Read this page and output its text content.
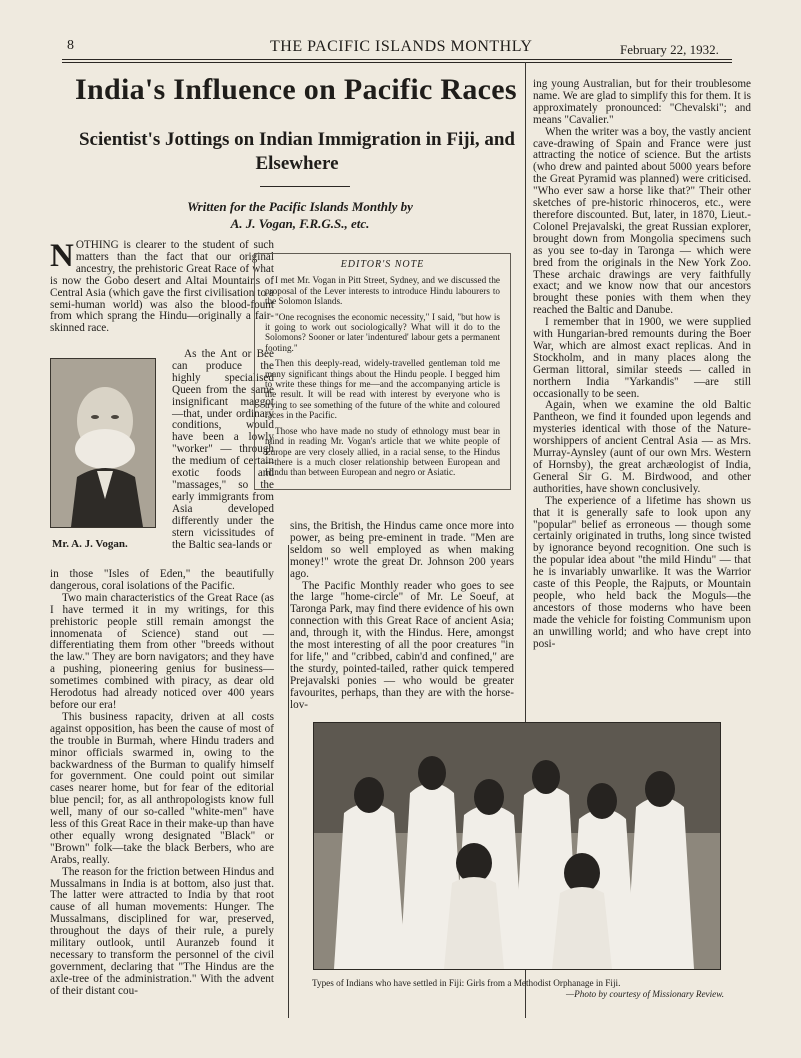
8	THE PACIFIC ISLANDS MONTHLY	February 22, 1932.
India's Influence on Pacific Races
Scientist's Jottings on Indian Immigration in Fiji, and Elsewhere
Written for the Pacific Islands Monthly by
A. J. Vogan, F.R.G.S., etc.

NOTHING is clearer to the student of such matters than the fact that our original ancestry, the prehistoric Great Race of what is now the Gobo desert and Altai Mountains of Central Asia (which gave the first civilisation to a semi-human world) was also the blood-fount from which sprang the Hindu—originally a fair-skinned race.

As the Ant or Bee can produce the highly specialised Queen from the same insignificant maggot—that, under ordinary conditions, would have been a lowly "worker" — through the medium of certain exotic foods and "massages," so the early immigrants from Asia developed differently under the stern vicissitudes of the Baltic sea-lands or

Mr. A. J. Vogan.

in those "Isles of Eden," the beautifully dangerous, coral isolations of the Pacific.

Two main characteristics of the Great Race (as I have termed it in my writings, for this prehistoric people still remain amongst the innomenata of Science) stand out — differentiating them from other "breeds without the law." They are born navigators; and they have a pushing, pioneering genius for business—sometimes combined with piracy, as dear old Herodotus had already noticed over 400 years before our era!

This business rapacity, driven at all costs against opposition, has been the cause of most of the trouble in Burmah, where Hindu traders and minor officials swarmed in, owing to the backwardness of the Burman to qualify himself for government. One could point out similar cases nearer home, but for fear of the editorial blue pencil; for, as all anthropologists know full well, many of our so-called "white-men" have less of this Great Race in their make-up than have other equally wrong designated "Black" or "Brown" folk—take the black Berbers, who are Arabs, really.

The reason for the friction between Hindus and Mussalmans in India is at bottom, also just that. The latter were attracted to India by that root cause of all human movements: Hunger. The Mussalmans, disciplined for war, preserved, throughout the days of their rule, a purely military outlook, until Auranzeb found it necessary to transform the personnel of the civil government, declaring that "The Hindus are the axle-tree of the administration." With the advent of their distant cou-

EDITOR'S NOTE

I met Mr. Vogan in Pitt Street, Sydney, and we discussed the proposal of the Lever interests to introduce Hindu labourers to the Solomon Islands.

"One recognises the economic necessity," I said, "but how is it going to work out sociologically? What will it do to the Solomons? Sooner or later 'indentured' labour gets a permanent footing."

Then this deeply-read, widely-travelled gentleman told me many significant things about the Hindu people. I begged him to write these things for me—and the accompanying article is the result. It will be read with interest by everyone who is trying to see something of the future of the white and coloured races in the Pacific.

Those who have made no study of ethnology must bear in mind in reading Mr. Vogan's article that we white people of Europe are very closely allied, in a racial sense, to the Hindus—there is a much closer relationship between European and Hindu than between European and negro or Asiatic.

sins, the British, the Hindus came once more into power, as being pre-eminent in trade. "Men are seldom so well employed as when making money!" wrote the great Dr. Johnson 200 years ago.

The Pacific Monthly reader who goes to see the large "home-circle" of Mr. Le Soeuf, at Taronga Park, may find there evidence of his own connection with this Great Race of ancient Asia; and, through it, with the Hindus. Here, amongst the most interesting of all the poor creatures "in for life," and "cribbed, cabin'd and confined," are the sturdy, pointed-tailed, rather quick tempered Prejavalski ponies — who would be greater favourites, perhaps, than they are with the horse-lov-

ing young Australian, but for their troublesome name. We are glad to simplify this for them. It is approximately pronounced: "Chevalski"; and means "Cavalier."

When the writer was a boy, the vastly ancient cave-drawing of Spain and France were just attracting the notice of science. But the artists (who drew and painted about 5000 years before the Great Pyramid was planned) were criticised. "Who ever saw a horse like that?" Their other sketches of pre-historic rhinoceros, etc., were therefore discounted. But, later, in 1870, Lieut.-Colonel Prejavalski, the great Russian explorer, brought down from Mongolia specimens such as you see to-day in Taronga — which were bred from the originals in the New York Zoo. These archaic drawings are very faithfully exact; and we know now that our ancestors brought these ponies with them when they reached the Baltic and Danube.

I remember that in 1900, we were supplied with Hungarian-bred remounts during the Boer War, which are almost exact replicas. And in Stockholm, and in many places along the German littoral, similar steeds — called in northern India "Yarkandis" —are still occasionally to be seen.

Again, when we examine the old Baltic Pantheon, we find it founded upon legends and mysteries identical with those of the Nature-worshippers of ancient Central Asia — as Mrs. Murray-Aynsley (aunt of our own Mrs. Western of Hornsby), the great archæologist of India, General Sir G. M. Birdwood, and other authorities, have shown conclusively.

The experience of a lifetime has shown us that it is generally safe to look upon any "popular" belief as erroneous — though some certainly originated in truths, long since twisted by ignorance beyond recognition. One such is the popular idea about "the mild Hindu" — that he is invariably unwarlike. It was the Warrior caste of this People, the Rajputs, or Mountain people, who held back the Moguls—the ancestors of those moderns who have been made the vehicle for foisting Communism upon an unwilling world; and who have crept into posi-

Types of Indians who have settled in Fiji: Girls from a Methodist Orphanage in Fiji.
—Photo by courtesy of Missionary Review.
